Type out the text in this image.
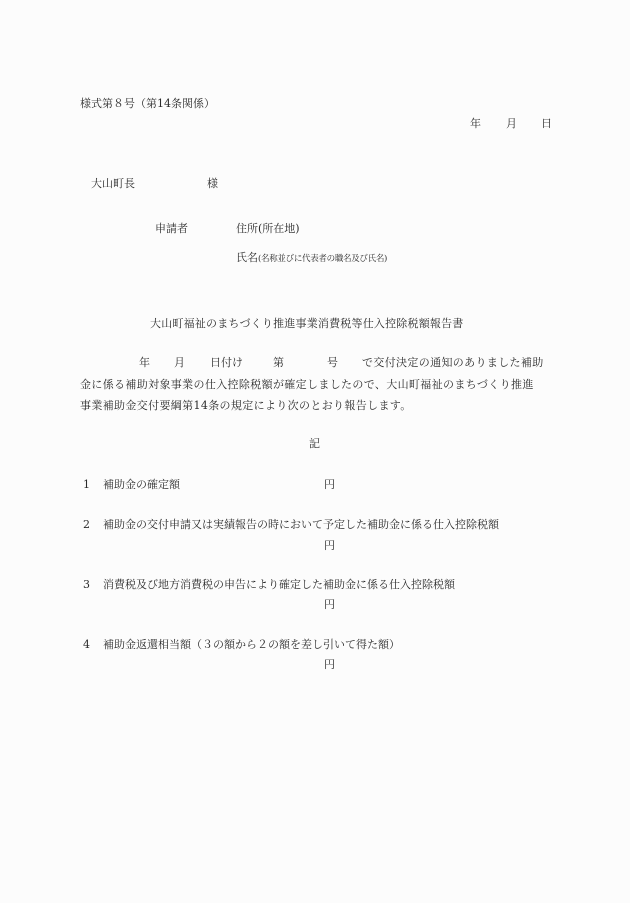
様式第８号（第14条関係）
年 月 日
大山町長	様
申請者	住所(所在地)
氏名(名称並びに代表者の職名及び氏名)
大山町福祉のまちづくり推進事業消費税等仕入控除税額報告書
年 月 日付け	第	号 で交付決定の通知のありました補助
金に係る補助対象事業の仕入控除税額が確定しましたので、大山町福祉のまちづくり推進
事業補助金交付要綱第14条の規定により次のとおり報告します。
記
1 補助金の確定額	円
2 補助金の交付申請又は実績報告の時において予定した補助金に係る仕入控除税額
円
3 消費税及び地方消費税の申告により確定した補助金に係る仕入控除税額
円
4 補助金返還相当額（３の額から２の額を差し引いて得た額）
円
